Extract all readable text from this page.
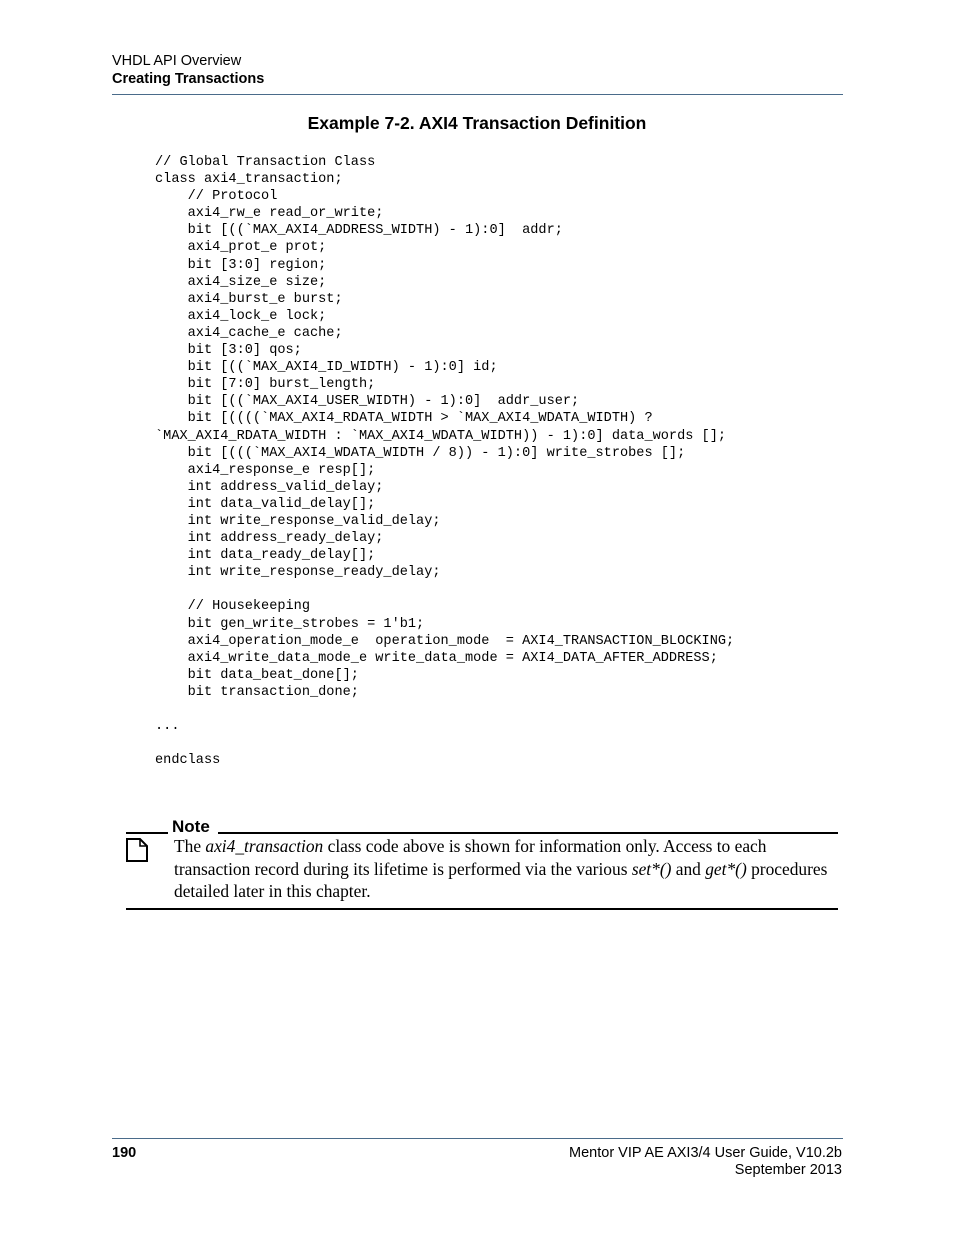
VHDL API Overview
Creating Transactions
Example 7-2. AXI4 Transaction Definition
// Global Transaction Class
class axi4_transaction;
// Protocol
axi4_rw_e read_or_write;
bit [((`MAX_AXI4_ADDRESS_WIDTH) - 1):0]  addr;
axi4_prot_e prot;
bit [3:0] region;
axi4_size_e size;
axi4_burst_e burst;
axi4_lock_e lock;
axi4_cache_e cache;
bit [3:0] qos;
bit [((`MAX_AXI4_ID_WIDTH) - 1):0] id;
bit [7:0] burst_length;
bit [((`MAX_AXI4_USER_WIDTH) - 1):0]  addr_user;
bit [((((`MAX_AXI4_RDATA_WIDTH > `MAX_AXI4_WDATA_WIDTH) ?
`MAX_AXI4_RDATA_WIDTH : `MAX_AXI4_WDATA_WIDTH)) - 1):0] data_words [];
bit [(((`MAX_AXI4_WDATA_WIDTH / 8)) - 1):0] write_strobes [];
axi4_response_e resp[];
int address_valid_delay;
int data_valid_delay[];
int write_response_valid_delay;
int address_ready_delay;
int data_ready_delay[];
int write_response_ready_delay;
// Housekeeping
bit gen_write_strobes = 1'b1;
axi4_operation_mode_e  operation_mode  = AXI4_TRANSACTION_BLOCKING;
axi4_write_data_mode_e write_data_mode = AXI4_DATA_AFTER_ADDRESS;
bit data_beat_done[];
bit transaction_done;
...
endclass
Note
The axi4_transaction class code above is shown for information only. Access to each transaction record during its lifetime is performed via the various set*() and get*() procedures detailed later in this chapter.
190	Mentor VIP AE AXI3/4 User Guide, V10.2b
September 2013
